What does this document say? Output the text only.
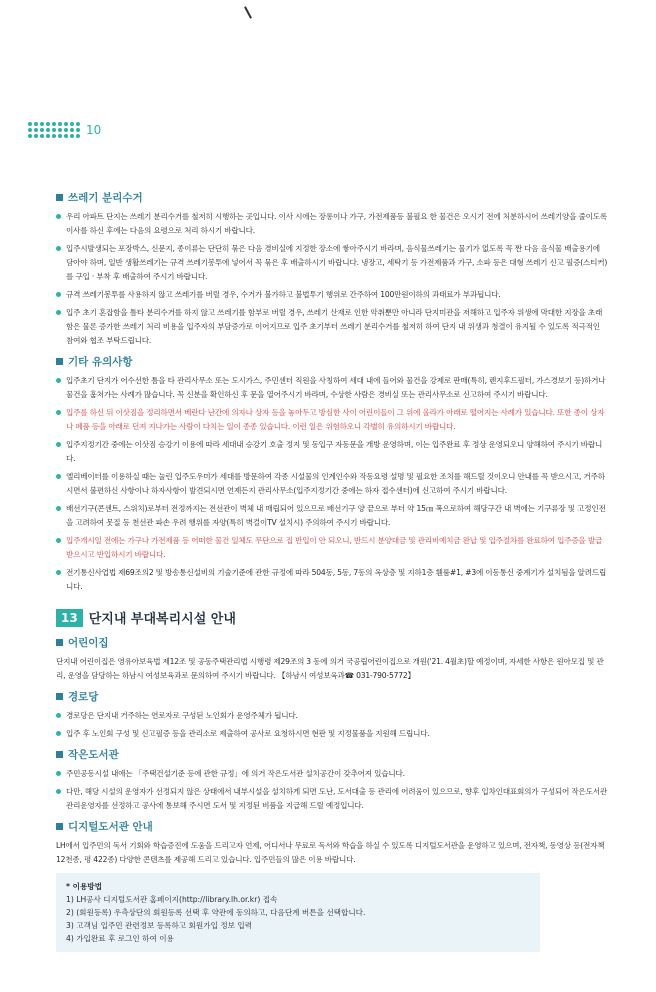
10
쓰레기 분리수거
우리 아파트 단지는 쓰레기 분리수거를 철저히 시행하는 곳입니다. 이사 시에는 장롱이나 가구, 가전제품등 불필요 한 물건은 오시기 전에 처분하시어 쓰레기양을 줄이도록 이사를 하신 후에는 다음의 요령으로 처리 하시기 바랍니다.
입주시발생되는 포장박스, 신문지, 종이류는 단단히 묶은 다음 경비실에 지정한 장소에 쌓아주시기 바라며, 음식물쓰레기는 물기가 없도록 꼭 짠 다음 음식물 배출용기에 담아야 하며, 일반 생활쓰레기는 규격 쓰레기봉투에 넣어서 꼭 묶은 후 배출하시기 바랍니다. 냉장고, 세탁기 등 가전제품과 가구, 소파 등은 대형 쓰레기 신고 필증(스티커)를 구입 · 부착 후 배출하여 주시기 바랍니다.
규격 쓰레기봉투를 사용하지 않고 쓰레기를 버릴 경우, 수거가 불가하고 불법투기 행위로 간주하여 100만원이하의 과태료가 부과됩니다.
입주 초기 혼잡함을 틈타 분리수거를 하지 않고 쓰레기를 함부로 버릴 경우, 쓰레기 산재로 인한 악취뿐만 아니라 단지미관을 저해하고 입주자 위생에 막대한 지장을 초래함은 물론 증가한 쓰레기 처리 비용을 입주자의 부담증가로 이어지므로 입주 초기부터 쓰레기 분리수거를 철저히 하여 단지 내 위생과 청결이 유지될 수 있도록 적극적인 참여와 협조 부탁드립니다.
기타 유의사항
입주초기 단지가 어수선한 틈을 타 관리사무소 또는 도시가스, 주민센터 직원을 사칭하여 세대 내에 들어와 물건을 강제로 판매(특히, 렌지후드필터, 가스경보기 등)하거나 물건을 훔쳐가는 사례가 많습니다. 꼭 신분을 확인하신 후 문을 열어주시기 바라며, 수상한 사람은 경비실 또는 관리사무소로 신고하여 주시기 바랍니다.
입주를 하신 뒤 이삿짐을 정리하면서 베란다 난간에 의자나 상자 등을 놓아두고 방심한 사이 어린이들이 그 위에 올라가 아래로 떨어지는 사례가 있습니다. 또한 종이 상자나 폐품 등을 아래로 던져 지나가는 사람이 다치는 일이 종종 있습니다. 이런 일은 위험하오니 각별히 유의하시기 바랍니다.
입주지정기간 중에는 이삿짐 승강기 이용에 따라 세대내 승강기 호출 정지 및 동입구 자동문을 개방 운영하며, 이는 입주완료 후 정상 운영되오니 양해하여 주시기 바랍니다.
엘리베이터를 이용하실 때는 눌린 입주도우미가 세대를 방문하여 각종 시설물의 인계인수와 작동요령 설명 및 필요한 조치를 해드릴 것이오니 안내를 꼭 받으시고, 거주하시면서 불편하신 사항이나 하자사항이 발견되시면 언제든지 관리사무소(입주지정기간 중에는 하자 접수센터)에 신고하여 주시기 바랍니다.
배선기구(콘센트, 스위치)로부터 전정까지는 전선관이 벽체 내 매립되어 있으므로 배선기구 양 끝으로 부터 약 15㎝ 폭으로하여 해당구간 내 벽에는 기구류장 및 고정인전을 고려하여 못질 등 천선관 파손 우려 행위를 자양(특히 벽걸이TV 설치시) 주의하여 주시기 바랍니다.
입주개시일 전에는 가구나 가전제품 등 어떠한 물건 일체도 무단으로 집 반입이 안 되오니, 반드시 분양대금 및 관리비예치금 완납 및 입주절차를 완료하여 입주증을 발급받으시고 반입하시기 바랍니다.
전기통신사업법 제69조의2 및 방송통신설비의 기술기준에 관한 규정에 따라 504동, 5동, 7동의 옥상층 및 지하1층 휀룸#1, #3에 이동통신 중계기가 설치됨을 알려드립니다.
13 단지내 부대복리시설 안내
어린이집
단지내 어린이집은 영유아보육법 제12조 및 공동주택관리법 시행령 제29조의 3 동에 의거 국공립어린이집으로 개원('21. 4월초)할 예정이며, 자세한 사항은 원아모집 및 관리, 운영을 담당하는 하남시 여성보육과로 문의하여 주시기 바랍니다. 【하남시 여성보육과☎ 031-790-5772】
경로당
경로당은 단지내 거주하는 연로자로 구성된 노인회가 운영주체가 됩니다.
입주 후 노인회 구성 및 신고필증 등을 관리소로 제출하여 공사로 요청하시면 현판 및 지정물품을 지원해 드립니다.
작은도서관
주민공동시설 내에는 「주택건설기준 등에 관한 규정」에 의거 작은도서관 설치공간이 갖추어져 있습니다.
다만, 해당 시설의 운영자가 선정되지 않은 상태에서 내부시설을 설치하게 되면 도난, 도서대출 등 관리에 어려움이 있으므로, 향후 입차인대표회의가 구성되어 작은도서관 관리운영자를 선정하고 공사에 통보해 주시면 도서 및 지정된 비품을 지급해 드릴 예정입니다.
디지털도서관 안내
LH에서 입주민의 독서 기회와 학습증진에 도움을 드리고자 언제, 어디서나 무료로 독서와 학습을 하실 수 있도록 디지털도서관을 운영하고 있으며, 전자책, 동영상 등(전자책 12천종, 평 422종) 다양한 콘텐츠를 제공해 드리고 있습니다. 입주민들의 많은 이용 바랍니다.
* 이용방법
1) LH공사 디지털도서관 홈페이지(http://library.lh.or.kr) 접속
2) (회원등록) 우측상단의 회원등록 선택 후 약관에 동의하고, 다음단계 버튼을 선택합니다.
3) 고객님 입주민 관련정보 등록하고 회원가입 정보 입력
4) 가입완료 후 로그인 하여 이용
